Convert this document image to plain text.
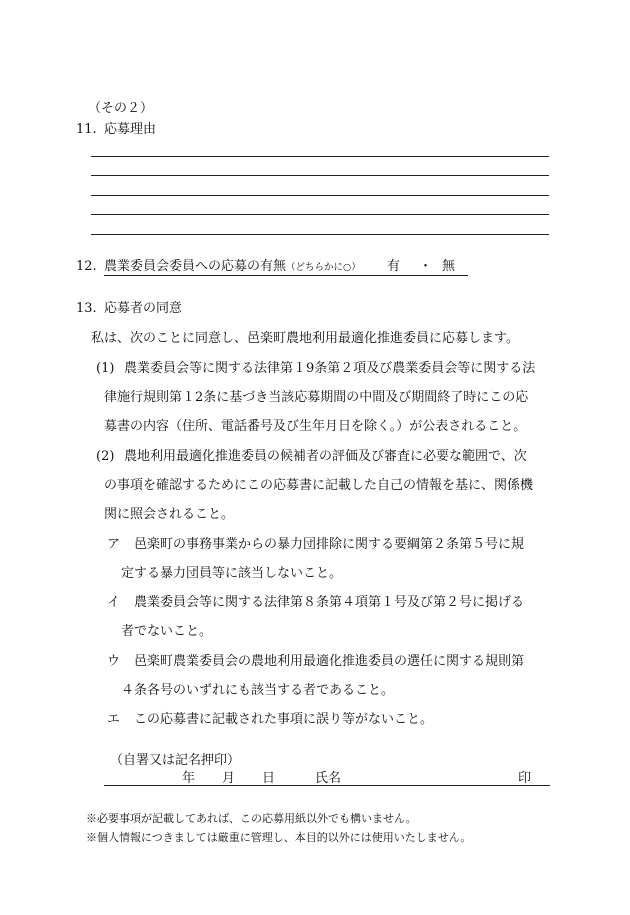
（その２）
11. 応募理由
12. 農業委員会委員への応募の有無（どちらかに○） 有 ・ 無
13. 応募者の同意
私は、次のことに同意し、邑楽町農地利用最適化推進委員に応募します。
(1) 農業委員会等に関する法律第１9条第２項及び農業委員会等に関する法
律施行規則第１2条に基づき当該応募期間の中間及び期間終了時にこの応
募書の内容（住所、電話番号及び生年月日を除く。）が公表されること。
(2) 農地利用最適化推進委員の候補者の評価及び審査に必要な範囲で、次
の事項を確認するためにこの応募書に記載した自己の情報を基に、関係機
関に照会されること。
ア 邑楽町の事務事業からの暴力団排除に関する要綱第２条第５号に規
定する暴力団員等に該当しないこと。
イ 農業委員会等に関する法律第８条第４項第１号及び第２号に掲げる
者でないこと。
ウ 邑楽町農業委員会の農地利用最適化推進委員の選任に関する規則第
４条各号のいずれにも該当する者であること。
エ この応募書に記載された事項に誤り等がないこと。
（自署又は記名押印）
年 月 日	氏名	印
※必要事項が記載してあれば、この応募用紙以外でも構いません。
※個人情報につきましては厳重に管理し、本目的以外には使用いたしません。
